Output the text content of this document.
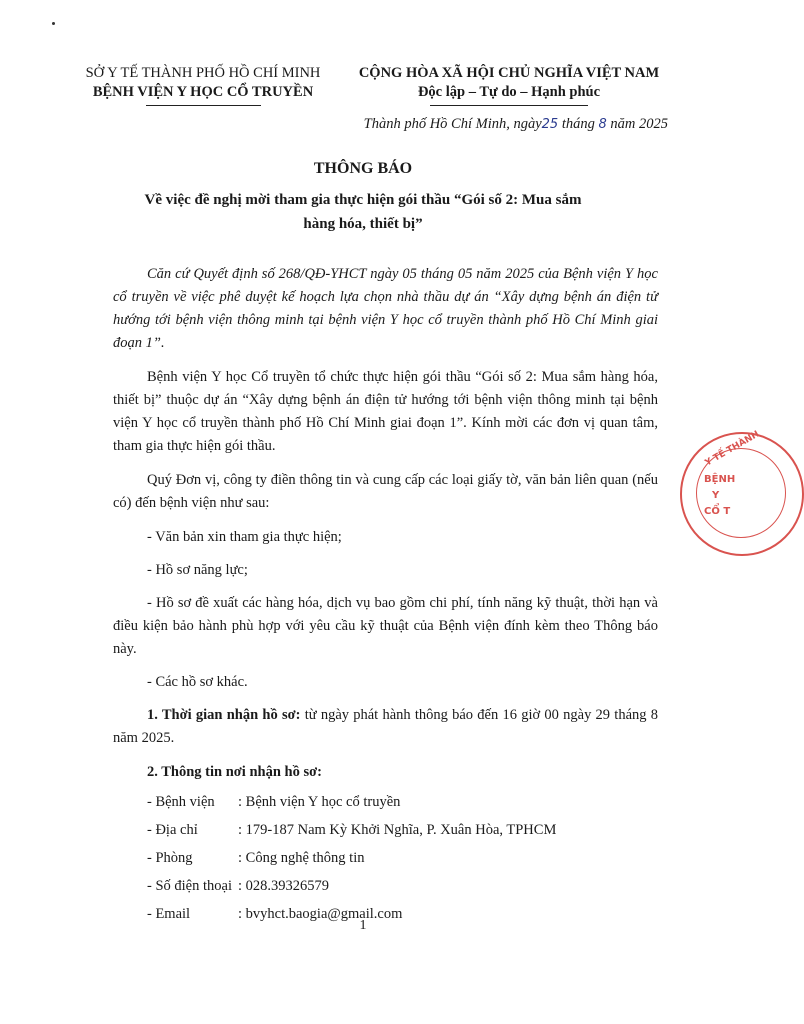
SỞ Y TẾ THÀNH PHỐ HỒ CHÍ MINH
BỆNH VIỆN Y HỌC CỔ TRUYỀN
CỘNG HÒA XÃ HỘI CHỦ NGHĨA VIỆT NAM
Độc lập – Tự do – Hạnh phúc
Thành phố Hồ Chí Minh, ngày25 tháng 8 năm 2025
THÔNG BÁO
Về việc đề nghị mời tham gia thực hiện gói thầu “Gói số 2: Mua sắm hàng hóa, thiết bị”

Căn cứ Quyết định số 268/QĐ-YHCT ngày 05 tháng 05 năm 2025 của Bệnh viện Y học cổ truyền về việc phê duyệt kế hoạch lựa chọn nhà thầu dự án “Xây dựng bệnh án điện tử hướng tới bệnh viện thông minh tại bệnh viện Y học cổ truyền thành phố Hồ Chí Minh giai đoạn 1”.

Bệnh viện Y học Cổ truyền tổ chức thực hiện gói thầu “Gói số 2: Mua sắm hàng hóa, thiết bị” thuộc dự án “Xây dựng bệnh án điện tử hướng tới bệnh viện thông minh tại bệnh viện Y học cổ truyền thành phố Hồ Chí Minh giai đoạn 1”. Kính mời các đơn vị quan tâm, tham gia thực hiện gói thầu.

Quý Đơn vị, công ty điền thông tin và cung cấp các loại giấy tờ, văn bản liên quan (nếu có) đến bệnh viện như sau:

- Văn bản xin tham gia thực hiện;

- Hồ sơ năng lực;

- Hồ sơ đề xuất các hàng hóa, dịch vụ bao gồm chi phí, tính năng kỹ thuật, thời hạn và điều kiện bảo hành phù hợp với yêu cầu kỹ thuật của Bệnh viện đính kèm theo Thông báo này.

- Các hồ sơ khác.

1. Thời gian nhận hồ sơ: từ ngày phát hành thông báo đến 16 giờ 00 ngày 29 tháng 8 năm 2025.

2. Thông tin nơi nhận hồ sơ:

- Bệnh viện	: Bệnh viện Y học cổ truyền
- Địa chỉ	: 179-187 Nam Kỳ Khởi Nghĩa, P. Xuân Hòa, TPHCM
- Phòng	: Công nghệ thông tin
- Số điện thoại : 028.39326579
- Email	: bvyhct.baogia@gmail.com
1
Y TẾ THÀNH
BỆNH
Y
CỔ T
